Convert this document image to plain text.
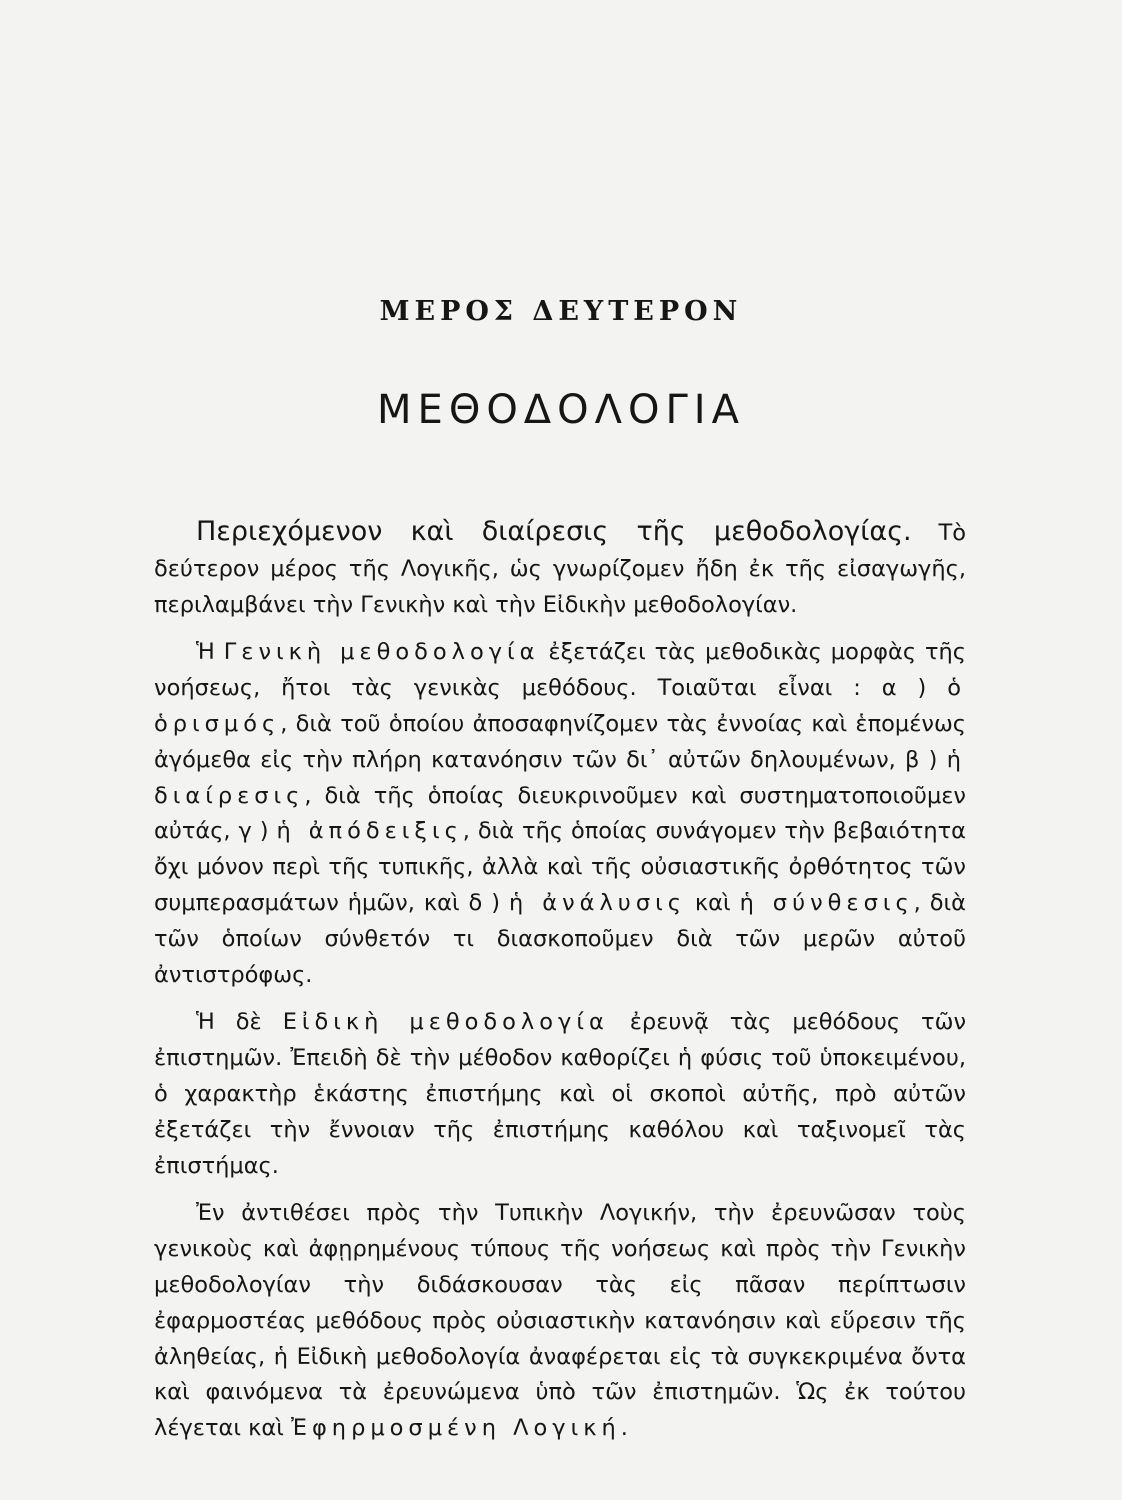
ΜΕΡΟΣ ΔΕΥΤΕΡΟΝ
ΜΕΘΟΔΟΛΟΓΙΑ

Περιεχόμενον καὶ διαίρεσις τῆς μεθοδολογίας. Τὸ δεύτερον μέρος τῆς Λογικῆς, ὡς γνωρίζομεν ἤδη ἐκ τῆς εἰσαγωγῆς, περιλαμβάνει τὴν Γενικὴν καὶ τὴν Εἰδικὴν μεθοδολογίαν.

Ἡ Γενικὴ μεθοδολογία ἐξετάζει τὰς μεθοδικὰς μορφὰς τῆς νοήσεως, ἤτοι τὰς γενικὰς μεθόδους. Τοιαῦται εἶναι : α ) ὁ ὁρισμός, διὰ τοῦ ὁποίου ἀποσαφηνίζομεν τὰς ἐννοίας καὶ ἑπομένως ἀγόμεθα εἰς τὴν πλήρη κατανόησιν τῶν δι᾽ αὐτῶν δηλουμένων, β ) ἡ διαίρεσις, διὰ τῆς ὁποίας διευκρινοῦμεν καὶ συστηματοποιοῦμεν αὐτάς, γ ) ἡ ἀπόδειξις, διὰ τῆς ὁποίας συνάγομεν τὴν βεβαιότητα ὄχι μόνον περὶ τῆς τυπικῆς, ἀλλὰ καὶ τῆς οὐσιαστικῆς ὀρθότητος τῶν συμπερασμάτων ἡμῶν, καὶ δ ) ἡ ἀνάλυσις καὶ ἡ σύνθεσις, διὰ τῶν ὁποίων σύνθετόν τι διασκοποῦμεν διὰ τῶν μερῶν αὐτοῦ ἀντιστρόφως.

Ἡ δὲ Εἰδικὴ μεθοδολογία ἐρευνᾷ τὰς μεθόδους τῶν ἐπιστημῶν. Ἐπειδὴ δὲ τὴν μέθοδον καθορίζει ἡ φύσις τοῦ ὑποκειμένου, ὁ χαρακτὴρ ἑκάστης ἐπιστήμης καὶ οἱ σκοποὶ αὐτῆς, πρὸ αὐτῶν ἐξετάζει τὴν ἔννοιαν τῆς ἐπιστήμης καθόλου καὶ ταξινομεῖ τὰς ἐπιστήμας.

Ἐν ἀντιθέσει πρὸς τὴν Τυπικὴν Λογικήν, τὴν ἐρευνῶσαν τοὺς γενικοὺς καὶ ἀφῃρημένους τύπους τῆς νοήσεως καὶ πρὸς τὴν Γενικὴν μεθοδολογίαν τὴν διδάσκουσαν τὰς εἰς πᾶσαν περίπτωσιν ἐφαρμοστέας μεθόδους πρὸς οὐσιαστικὴν κατανόησιν καὶ εὕρεσιν τῆς ἀληθείας, ἡ Εἰδικὴ μεθοδολογία ἀναφέρεται εἰς τὰ συγκεκριμένα ὄντα καὶ φαινόμενα τὰ ἐρευνώμενα ὑπὸ τῶν ἐπιστημῶν. Ὡς ἐκ τούτου λέγεται καὶ Ἐφηρμοσμένη Λογική.
